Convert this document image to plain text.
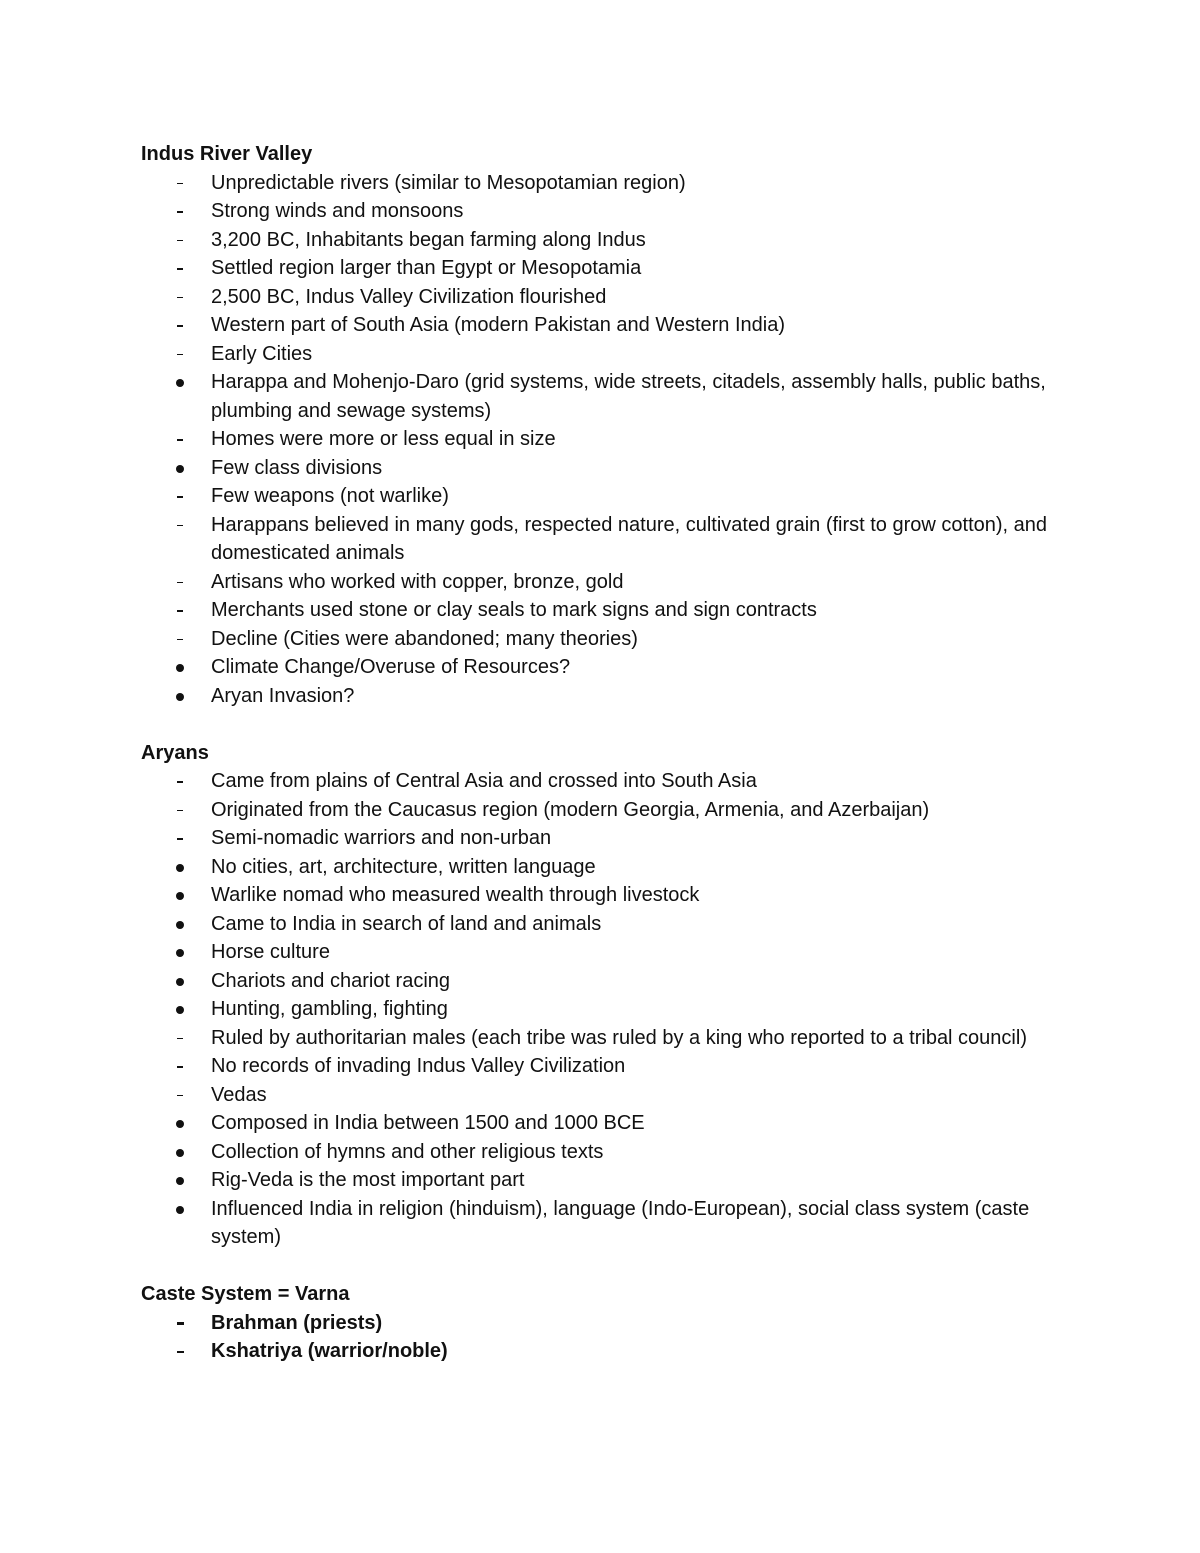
Indus River Valley
Unpredictable rivers (similar to Mesopotamian region)
Strong winds and monsoons
3,200 BC, Inhabitants began farming along Indus
Settled region larger than Egypt or Mesopotamia
2,500 BC, Indus Valley Civilization flourished
Western part of South Asia (modern Pakistan and Western India)
Early Cities
Harappa and Mohenjo-Daro (grid systems, wide streets, citadels, assembly halls, public baths, plumbing and sewage systems)
Homes were more or less equal in size
Few class divisions
Few weapons (not warlike)
Harappans believed in many gods, respected nature, cultivated grain (first to grow cotton), and domesticated animals
Artisans who worked with copper, bronze, gold
Merchants used stone or clay seals to mark signs and sign contracts
Decline (Cities were abandoned; many theories)
Climate Change/Overuse of Resources?
Aryan Invasion?
Aryans
Came from plains of Central Asia and crossed into South Asia
Originated from the Caucasus region (modern Georgia, Armenia, and Azerbaijan)
Semi-nomadic warriors and non-urban
No cities, art, architecture, written language
Warlike nomad who measured wealth through livestock
Came to India in search of land and animals
Horse culture
Chariots and chariot racing
Hunting, gambling, fighting
Ruled by authoritarian males (each tribe was ruled by a king who reported to a tribal council)
No records of invading Indus Valley Civilization
Vedas
Composed in India between 1500 and 1000 BCE
Collection of hymns and other religious texts
Rig-Veda is the most important part
Influenced India in religion (hinduism), language (Indo-European), social class system (caste system)
Caste System = Varna
Brahman (priests)
Kshatriya (warrior/noble)
